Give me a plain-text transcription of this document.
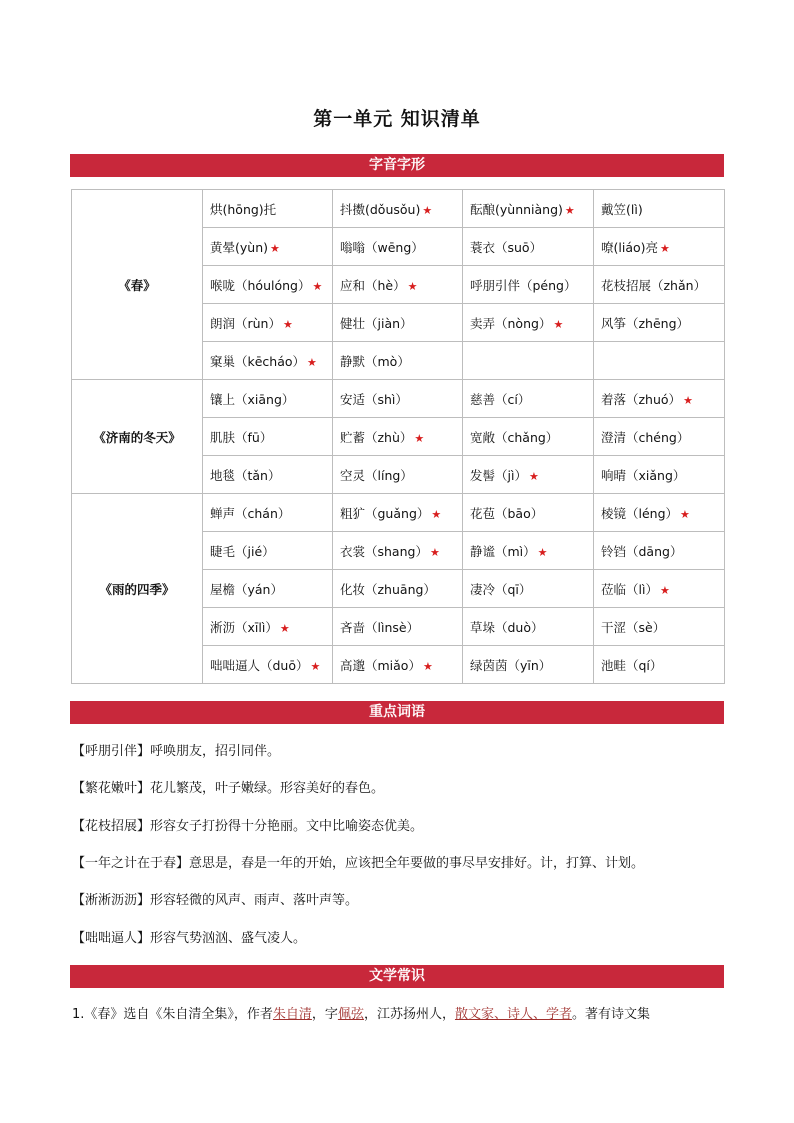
第一单元 知识清单
字音字形
《春》	烘(hōng)托	抖擞(dǒusǒu) ★	酝酿(yùnniàng) ★	戴笠(lì)
	黄晕(yùn) ★	嗡嗡（wēng）	蓑衣（suō）	嘹(liáo)亮 ★
	喉咙（hóulóng） ★	应和（hè） ★	呼朋引伴（péng）	花枝招展（zhǎn）
	朗润（rùn） ★	健壮（jiàn）	卖弄（nòng） ★	风筝（zhēng）
	窠巢（kēcháo） ★	静默（mò）		
《济南的冬天》	镶上（xiāng）	安适（shì）	慈善（cí）	着落（zhuó） ★
	肌肤（fū）	贮蓄（zhù） ★	宽敞（chǎng）	澄清（chéng）
	地毯（tǎn）	空灵（líng）	发髻（jì） ★	响晴（xiǎng）
《雨的四季》	蝉声（chán）	粗犷（guǎng） ★	花苞（bāo）	棱镜（léng） ★
	睫毛（jié）	衣裳（shang） ★	静谧（mì） ★	铃铛（dāng）
	屋檐（yán）	化妆（zhuāng）	凄冷（qī）	莅临（lì） ★
	淅沥（xīlì） ★	吝啬（lìnsè）	草垛（duò）	干涩（sè）
	咄咄逼人（duō） ★	高邈（miǎo） ★	绿茵茵（yīn）	池畦（qí）
重点词语
【呼朋引伴】呼唤朋友，招引同伴。
【繁花嫩叶】花儿繁茂，叶子嫩绿。形容美好的春色。
【花枝招展】形容女子打扮得十分艳丽。文中比喻姿态优美。
【一年之计在于春】意思是，春是一年的开始，应该把全年要做的事尽早安排好。计，打算、计划。
【淅淅沥沥】形容轻微的风声、雨声、落叶声等。
【咄咄逼人】形容气势汹汹、盛气凌人。
文学常识
1.《春》选自《朱自清全集》，作者朱自清，字佩弦，江苏扬州人，散文家、诗人、学者。著有诗文集
